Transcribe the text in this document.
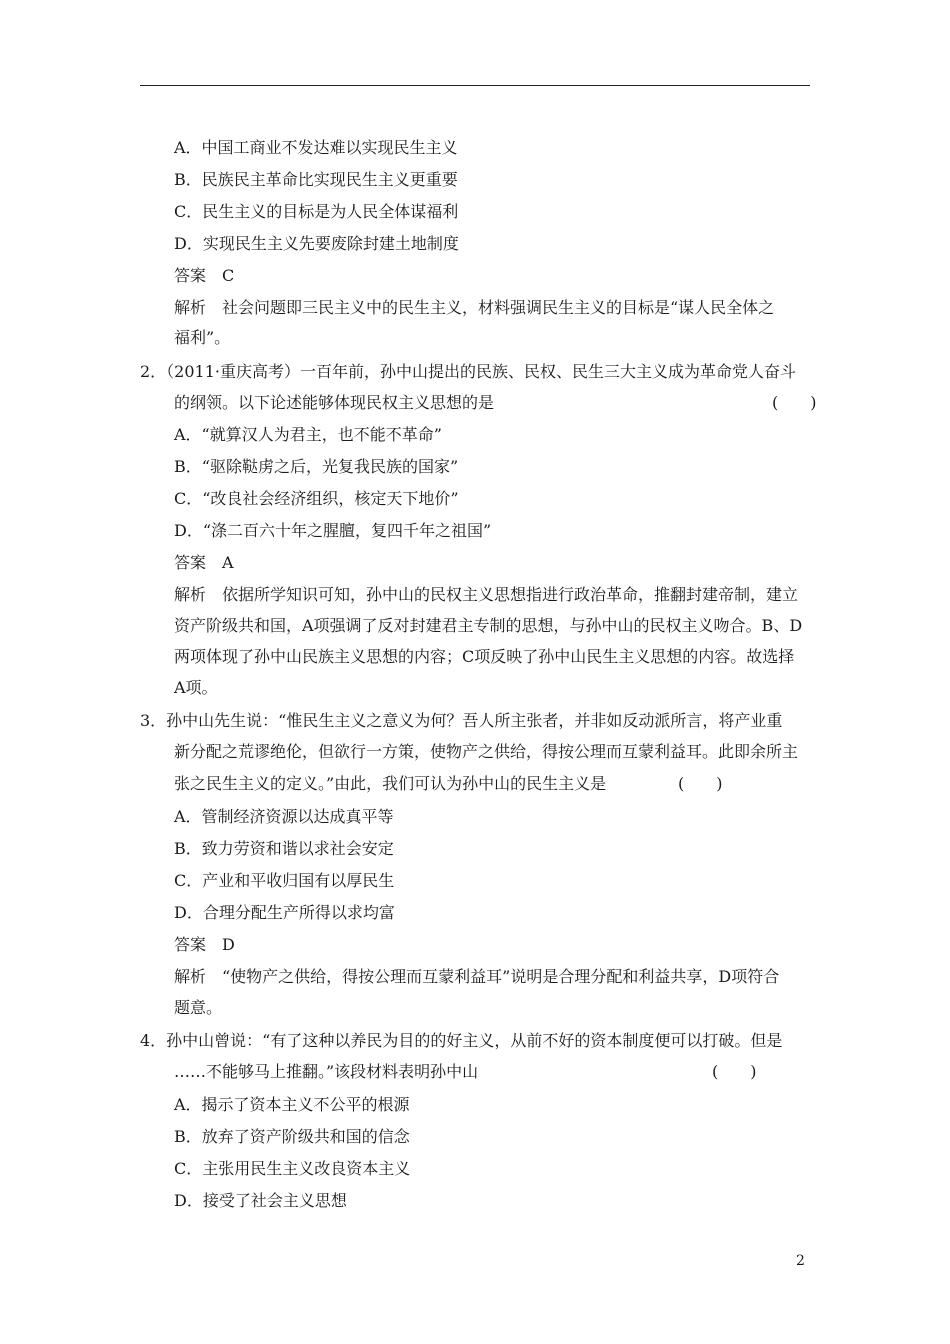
A．中国工商业不发达难以实现民生主义
B．民族民主革命比实现民生主义更重要
C．民生主义的目标是为人民全体谋福利
D．实现民生主义先要废除封建土地制度
答案　C
解析　社会问题即三民主义中的民生主义，材料强调民生主义的目标是“谋人民全体之
福利”。
2．（2011·重庆高考）一百年前，孙中山提出的民族、民权、民生三大主义成为革命党人奋斗
的纲领。以下论述能够体现民权主义思想的是	(　　)
A．“就算汉人为君主，也不能不革命”
B．“驱除鞑虏之后，光复我民族的国家”
C．“改良社会经济组织，核定天下地价”
D．“涤二百六十年之腥膻，复四千年之祖国”
答案　A
解析　依据所学知识可知，孙中山的民权主义思想指进行政治革命，推翻封建帝制，建立
资产阶级共和国，A项强调了反对封建君主专制的思想，与孙中山的民权主义吻合。B、D
两项体现了孙中山民族主义思想的内容；C项反映了孙中山民生主义思想的内容。故选择
A项。
3．孙中山先生说：“惟民生主义之意义为何？吾人所主张者，并非如反动派所言，将产业重
新分配之荒谬绝伦，但欲行一方策，使物产之供给，得按公理而互蒙利益耳。此即余所主
张之民生主义的定义。”由此，我们可认为孙中山的民生主义是	(　　)
A．管制经济资源以达成真平等
B．致力劳资和谐以求社会安定
C．产业和平收归国有以厚民生
D．合理分配生产所得以求均富
答案　D
解析　“使物产之供给，得按公理而互蒙利益耳”说明是合理分配和利益共享，D项符合
题意。
4．孙中山曾说：“有了这种以养民为目的的好主义，从前不好的资本制度便可以打破。但是
……不能够马上推翻。”该段材料表明孙中山	(　　)
A．揭示了资本主义不公平的根源
B．放弃了资产阶级共和国的信念
C．主张用民生主义改良资本主义
D．接受了社会主义思想
2
